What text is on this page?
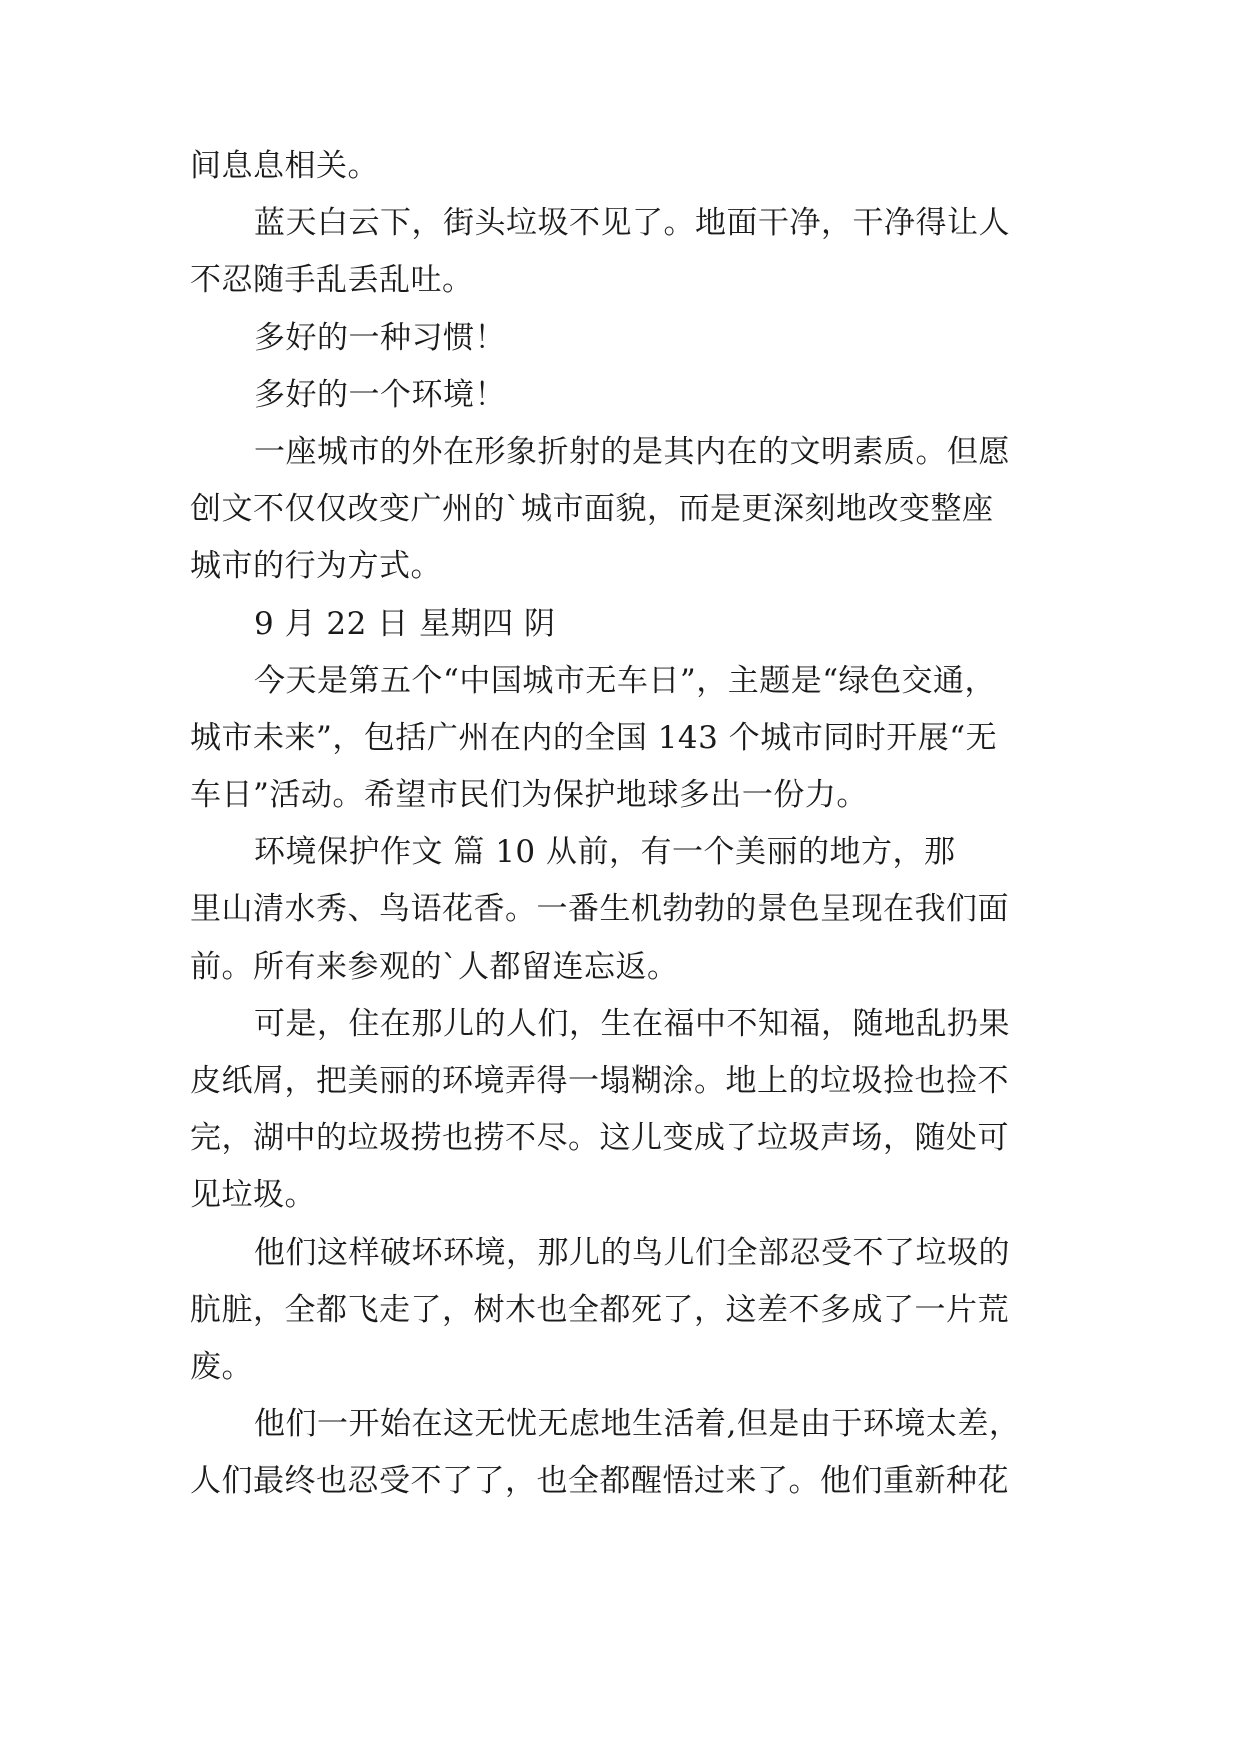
间息息相关。
蓝天白云下，街头垃圾不见了。地面干净，干净得让人
不忍随手乱丢乱吐。
多好的一种习惯！
多好的一个环境！
一座城市的外在形象折射的是其内在的文明素质。但愿
创文不仅仅改变广州的`城市面貌，而是更深刻地改变整座
城市的行为方式。
9 月 22 日 星期四 阴
今天是第五个“中国城市无车日”，主题是“绿色交通，
城市未来”，包括广州在内的全国 143 个城市同时开展“无
车日”活动。希望市民们为保护地球多出一份力。
环境保护作文 篇 10 从前，有一个美丽的地方，那
里山清水秀、鸟语花香。一番生机勃勃的景色呈现在我们面
前。所有来参观的`人都留连忘返。
可是，住在那儿的人们，生在福中不知福，随地乱扔果
皮纸屑，把美丽的环境弄得一塌糊涂。地上的垃圾捡也捡不
完，湖中的垃圾捞也捞不尽。这儿变成了垃圾声场，随处可
见垃圾。
他们这样破坏环境，那儿的鸟儿们全部忍受不了垃圾的
肮脏，全都飞走了，树木也全都死了，这差不多成了一片荒
废。
他们一开始在这无忧无虑地生活着,但是由于环境太差，
人们最终也忍受不了了，也全都醒悟过来了。他们重新种花
